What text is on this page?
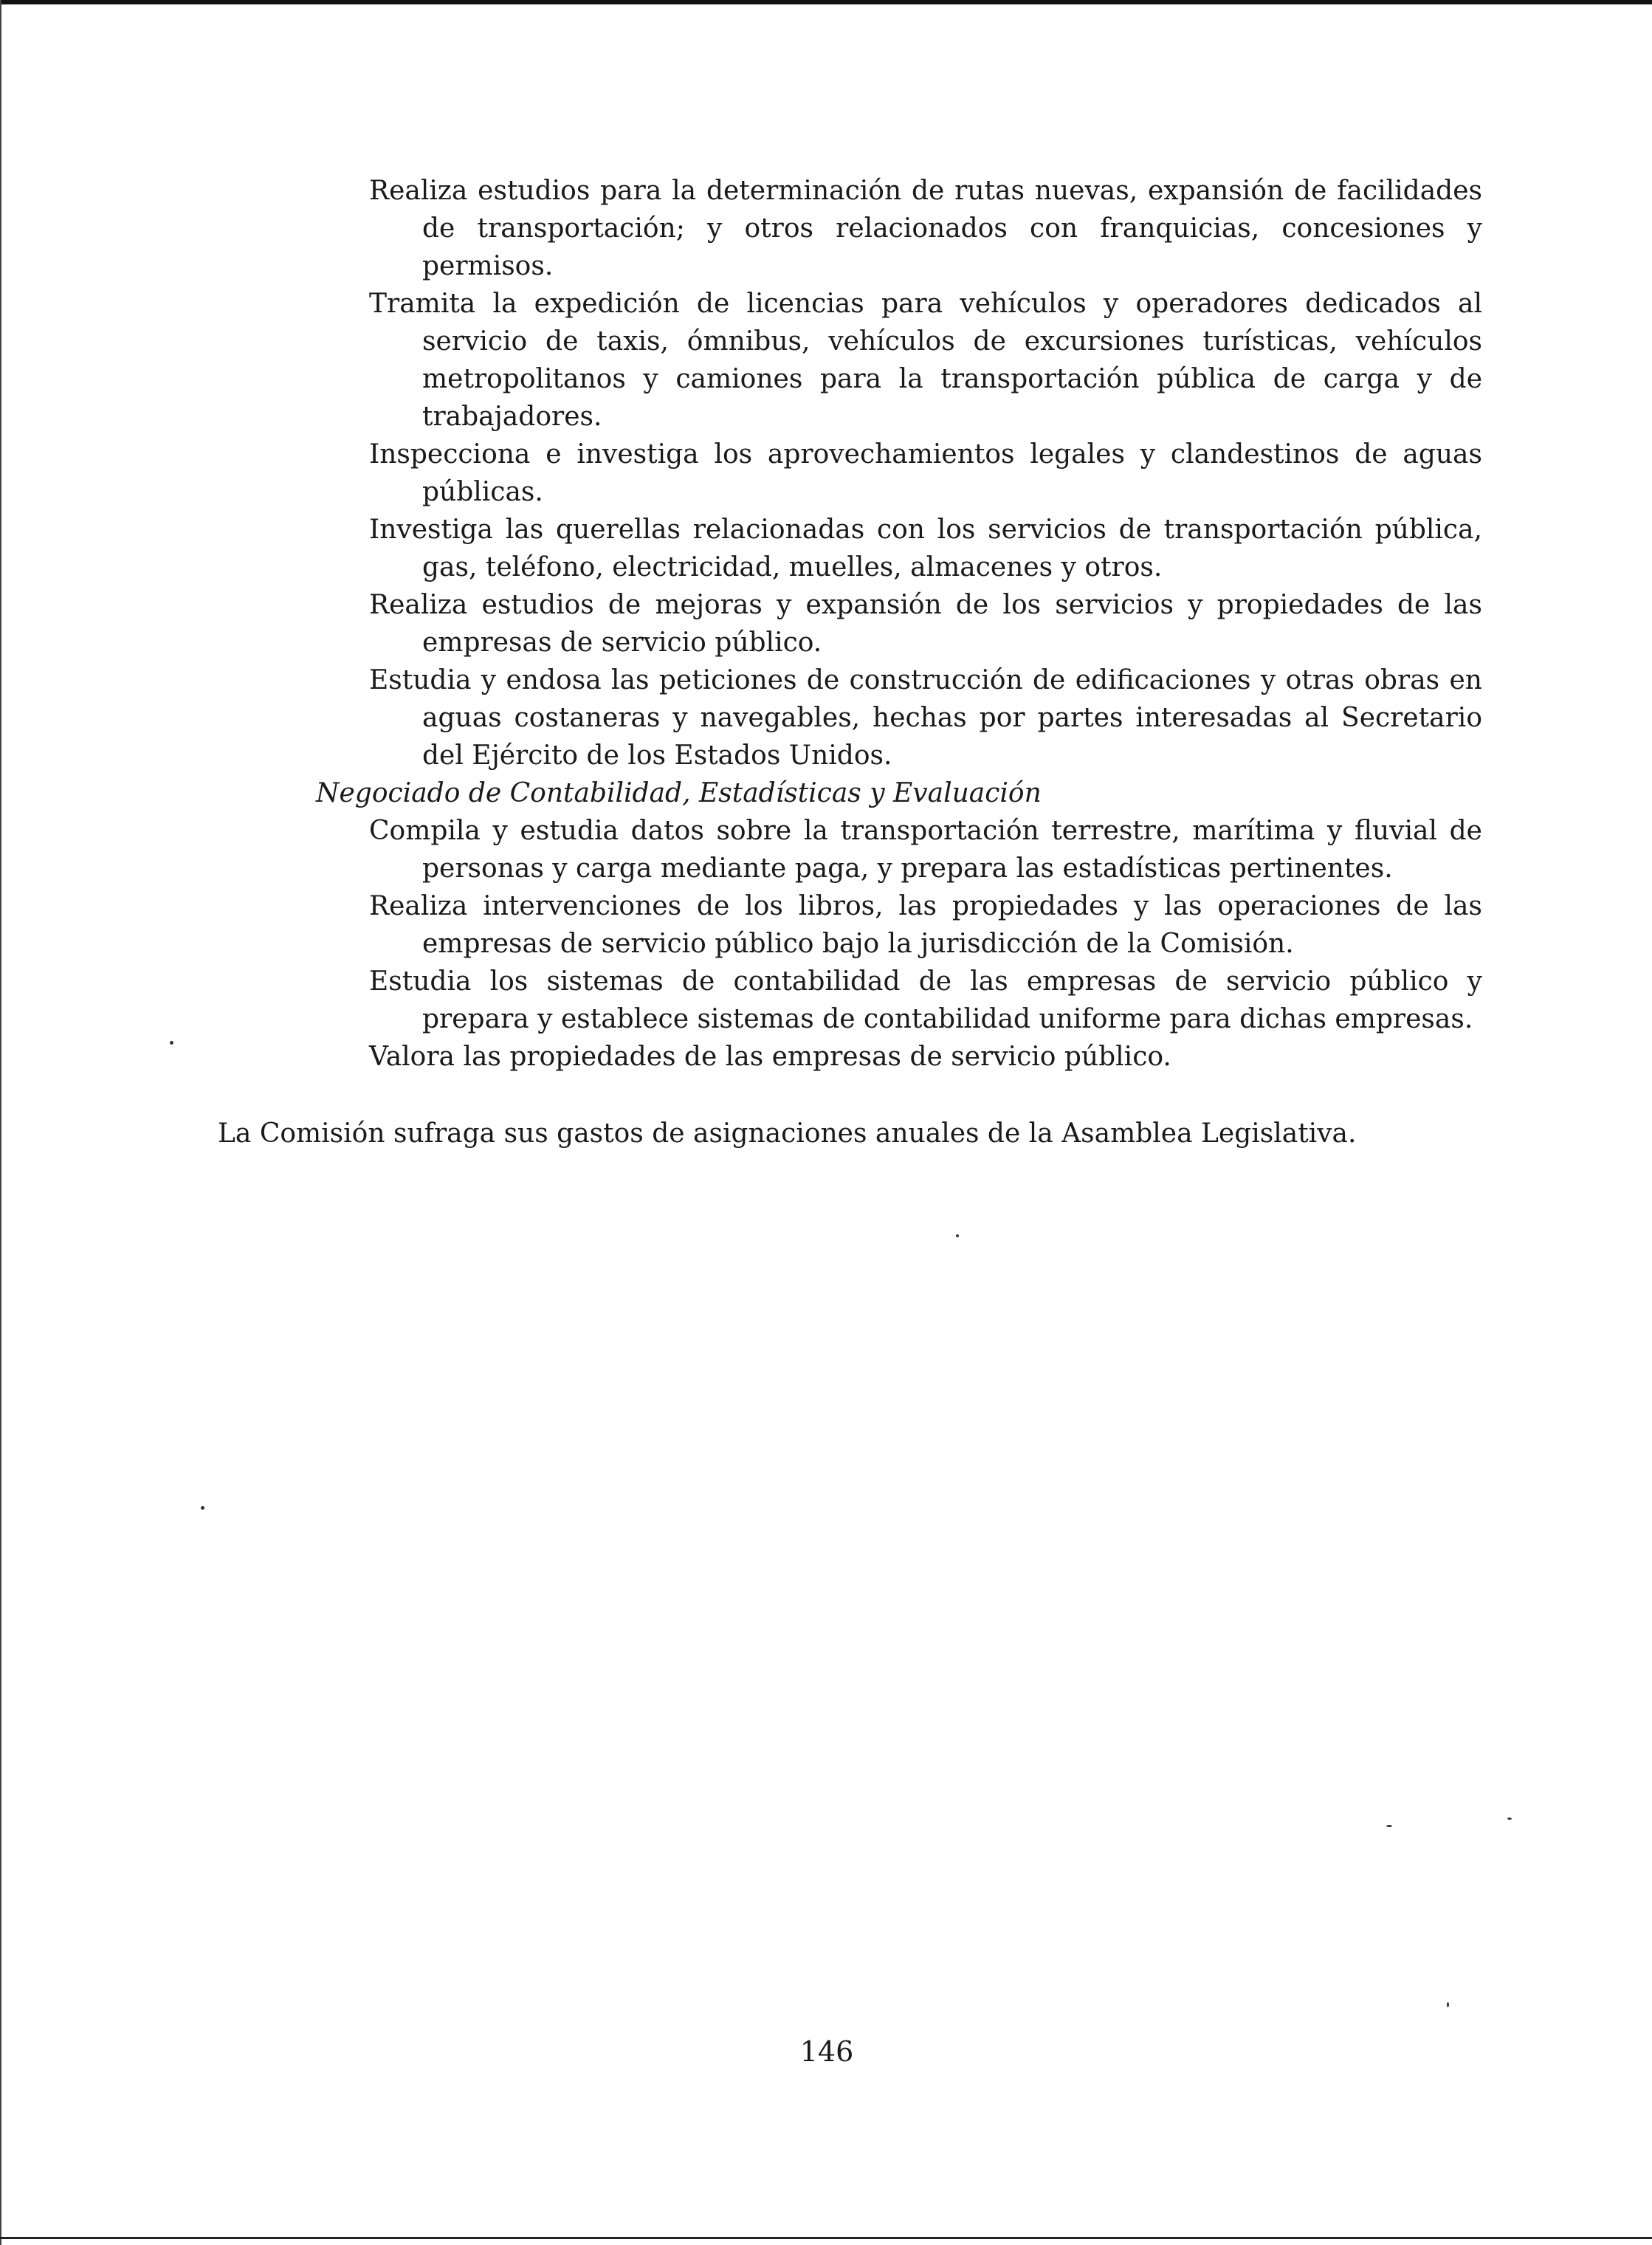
Realiza estudios para la determinación de rutas nuevas, expansión de facilidades de transportación; y otros relacionados con franquicias, concesiones y permisos.

Tramita la expedición de licencias para vehículos y operadores dedicados al servicio de taxis, ómnibus, vehículos de excursiones turísticas, vehículos metropolitanos y camiones para la transportación pública de carga y de trabajadores.

Inspecciona e investiga los aprovechamientos legales y clandestinos de aguas públicas.

Investiga las querellas relacionadas con los servicios de transportación pública, gas, teléfono, electricidad, muelles, almacenes y otros.

Realiza estudios de mejoras y expansión de los servicios y propiedades de las empresas de servicio público.

Estudia y endosa las peticiones de construcción de edificaciones y otras obras en aguas costaneras y navegables, hechas por partes interesadas al Secretario del Ejército de los Estados Unidos.

Negociado de Contabilidad, Estadísticas y Evaluación

Compila y estudia datos sobre la transportación terrestre, marítima y fluvial de personas y carga mediante paga, y prepara las estadísticas pertinentes.

Realiza intervenciones de los libros, las propiedades y las operaciones de las empresas de servicio público bajo la jurisdicción de la Comisión.

Estudia los sistemas de contabilidad de las empresas de servicio público y prepara y establece sistemas de contabilidad uniforme para dichas empresas.

Valora las propiedades de las empresas de servicio público.

La Comisión sufraga sus gastos de asignaciones anuales de la Asamblea Legislativa.

146
